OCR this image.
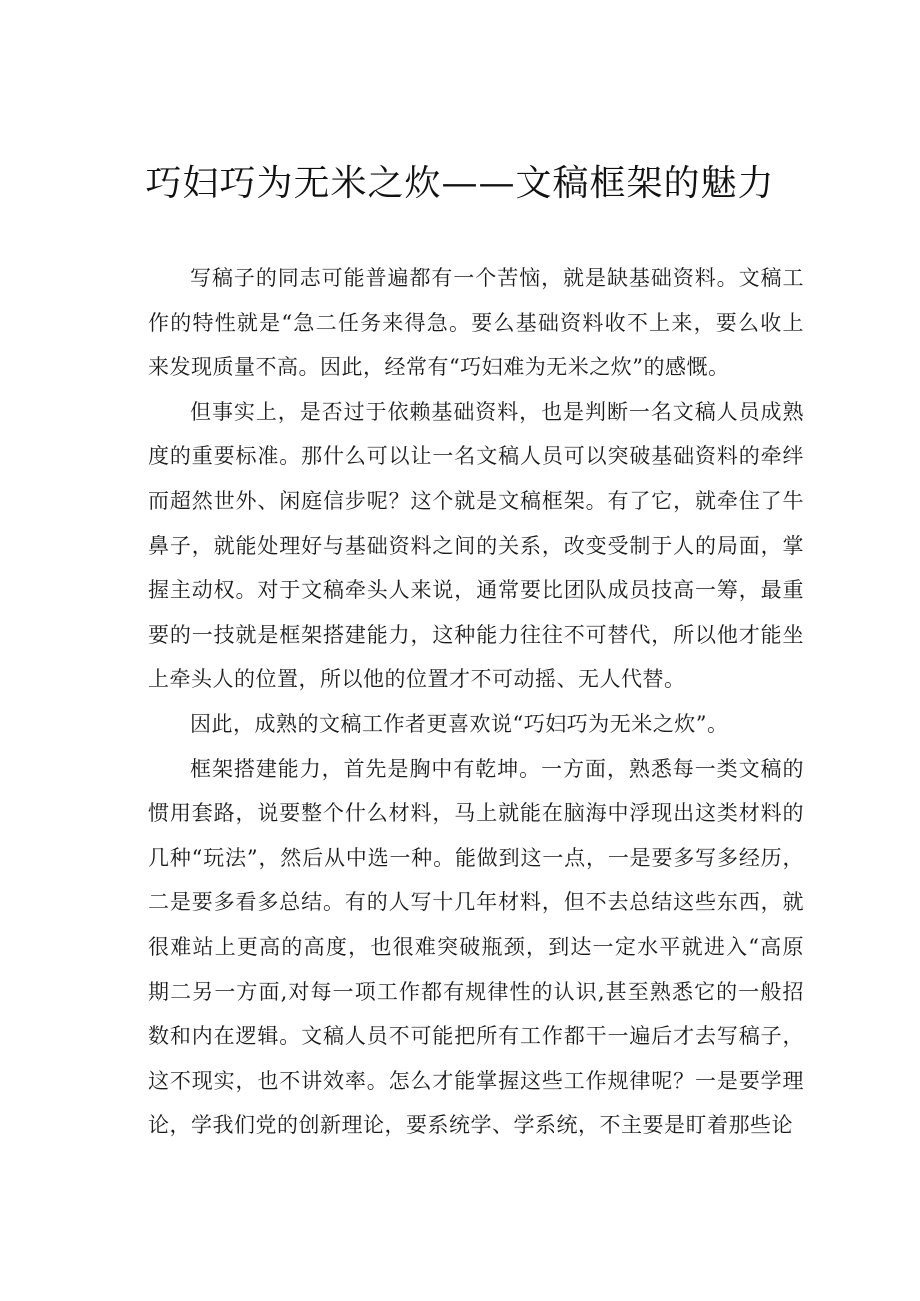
巧妇巧为无米之炊——文稿框架的魅力

写稿子的同志可能普遍都有一个苦恼，就是缺基础资料。文稿工作的特性就是“急二任务来得急。要么基础资料收不上来，要么收上来发现质量不高。因此，经常有“巧妇难为无米之炊”的感慨。

但事实上，是否过于依赖基础资料，也是判断一名文稿人员成熟度的重要标准。那什么可以让一名文稿人员可以突破基础资料的牵绊而超然世外、闲庭信步呢？这个就是文稿框架。有了它，就牵住了牛鼻子，就能处理好与基础资料之间的关系，改变受制于人的局面，掌握主动权。对于文稿牵头人来说，通常要比团队成员技高一筹，最重要的一技就是框架搭建能力，这种能力往往不可替代，所以他才能坐上牵头人的位置，所以他的位置才不可动摇、无人代替。

因此，成熟的文稿工作者更喜欢说“巧妇巧为无米之炊”。

框架搭建能力，首先是胸中有乾坤。一方面，熟悉每一类文稿的惯用套路，说要整个什么材料，马上就能在脑海中浮现出这类材料的几种“玩法”，然后从中选一种。能做到这一点，一是要多写多经历，二是要多看多总结。有的人写十几年材料，但不去总结这些东西，就很难站上更高的高度，也很难突破瓶颈，到达一定水平就进入“高原期二另一方面,对每一项工作都有规律性的认识,甚至熟悉它的一般招数和内在逻辑。文稿人员不可能把所有工作都干一遍后才去写稿子，这不现实，也不讲效率。怎么才能掌握这些工作规律呢？一是要学理论，学我们党的创新理论，要系统学、学系统，不主要是盯着那些论
